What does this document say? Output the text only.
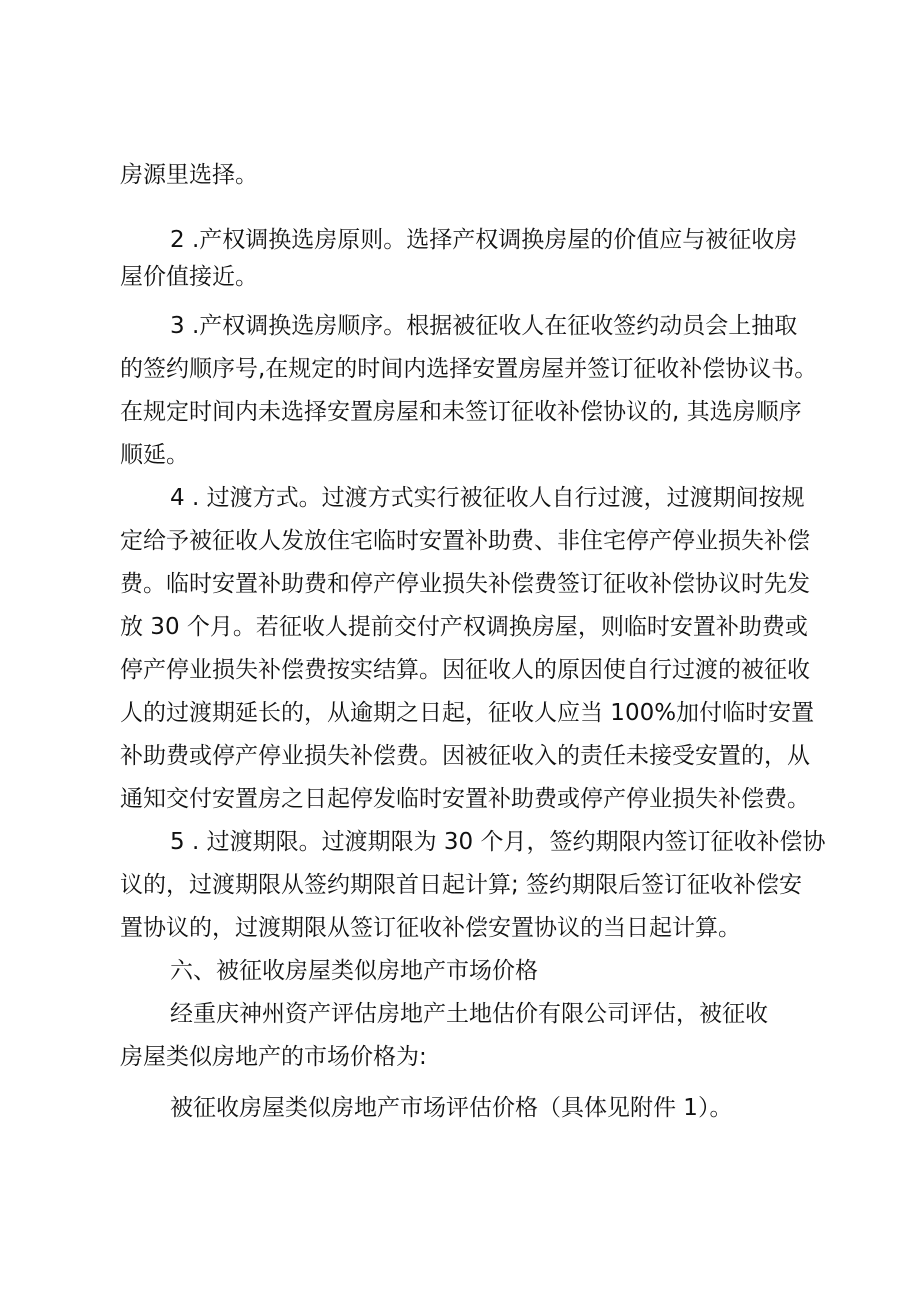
房源里选择。

2 .产权调换选房原则。选择产权调换房屋的价值应与被征收房

屋价值接近。

3 .产权调换选房顺序。根据被征收人在征收签约动员会上抽取

的签约顺序号,在规定的时间内选择安置房屋并签订征收补偿协议书。

在规定时间内未选择安置房屋和未签订征收补偿协议的, 其选房顺序

顺延。

4 . 过渡方式。过渡方式实行被征收人自行过渡，过渡期间按规

定给予被征收人发放住宅临时安置补助费、非住宅停产停业损失补偿

费。临时安置补助费和停产停业损失补偿费签订征收补偿协议时先发

放 30 个月。若征收人提前交付产权调换房屋，则临时安置补助费或

停产停业损失补偿费按实结算。因征收人的原因使自行过渡的被征收

人的过渡期延长的，从逾期之日起，征收人应当 100%加付临时安置

补助费或停产停业损失补偿费。因被征收入的责任未接受安置的，从

通知交付安置房之日起停发临时安置补助费或停产停业损失补偿费。

5 . 过渡期限。过渡期限为 30 个月，签约期限内签订征收补偿协

议的，过渡期限从签约期限首日起计算; 签约期限后签订征收补偿安

置协议的，过渡期限从签订征收补偿安置协议的当日起计算。

六、被征收房屋类似房地产市场价格

经重庆神州资产评估房地产土地估价有限公司评估，被征收

房屋类似房地产的市场价格为:

被征收房屋类似房地产市场评估价格（具体见附件 1）。
